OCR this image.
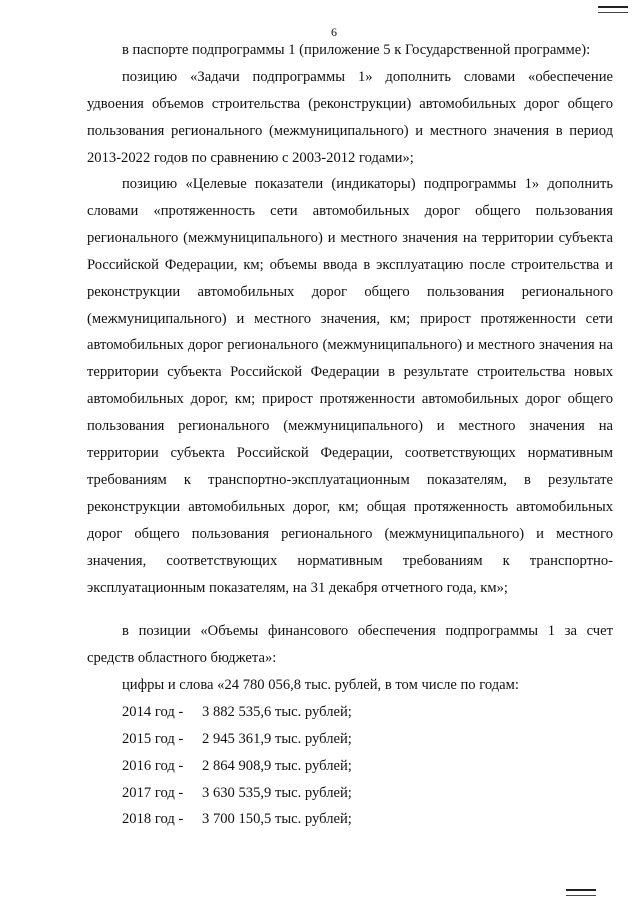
6

в паспорте подпрограммы 1 (приложение 5 к Государственной программе):

позицию «Задачи подпрограммы 1» дополнить словами «обеспечение удвоения объемов строительства (реконструкции) автомобильных дорог общего пользования регионального (межмуниципального) и местного значения в период 2013-2022 годов по сравнению с 2003-2012 годами»;

позицию «Целевые показатели (индикаторы) подпрограммы 1» дополнить словами «протяженность сети автомобильных дорог общего пользования регионального (межмуниципального) и местного значения на территории субъекта Российской Федерации, км; объемы ввода в эксплуатацию после строительства и реконструкции автомобильных дорог общего пользования регионального (межмуниципального) и местного значения, км; прирост протяженности сети автомобильных дорог регионального (межмуниципального) и местного значения на территории субъекта Российской Федерации в результате строительства новых автомобильных дорог, км; прирост протяженности автомобильных дорог общего пользования регионального (межмуниципального) и местного значения на территории субъекта Российской Федерации, соответствующих нормативным требованиям к транспортно-эксплуатационным показателям, в результате реконструкции автомобильных дорог, км; общая протяженность автомобильных дорог общего пользования регионального (межмуниципального) и местного значения, соответствующих нормативным требованиям к транспортно-эксплуатационным показателям, на 31 декабря отчетного года, км»;

в позиции «Объемы финансового обеспечения подпрограммы 1 за счет средств областного бюджета»:

цифры и слова «24 780 056,8 тыс. рублей, в том числе по годам:

2014 год - 3 882 535,6 тыс. рублей;
2015 год - 2 945 361,9 тыс. рублей;
2016 год - 2 864 908,9 тыс. рублей;
2017 год - 3 630 535,9 тыс. рублей;
2018 год - 3 700 150,5 тыс. рублей;
